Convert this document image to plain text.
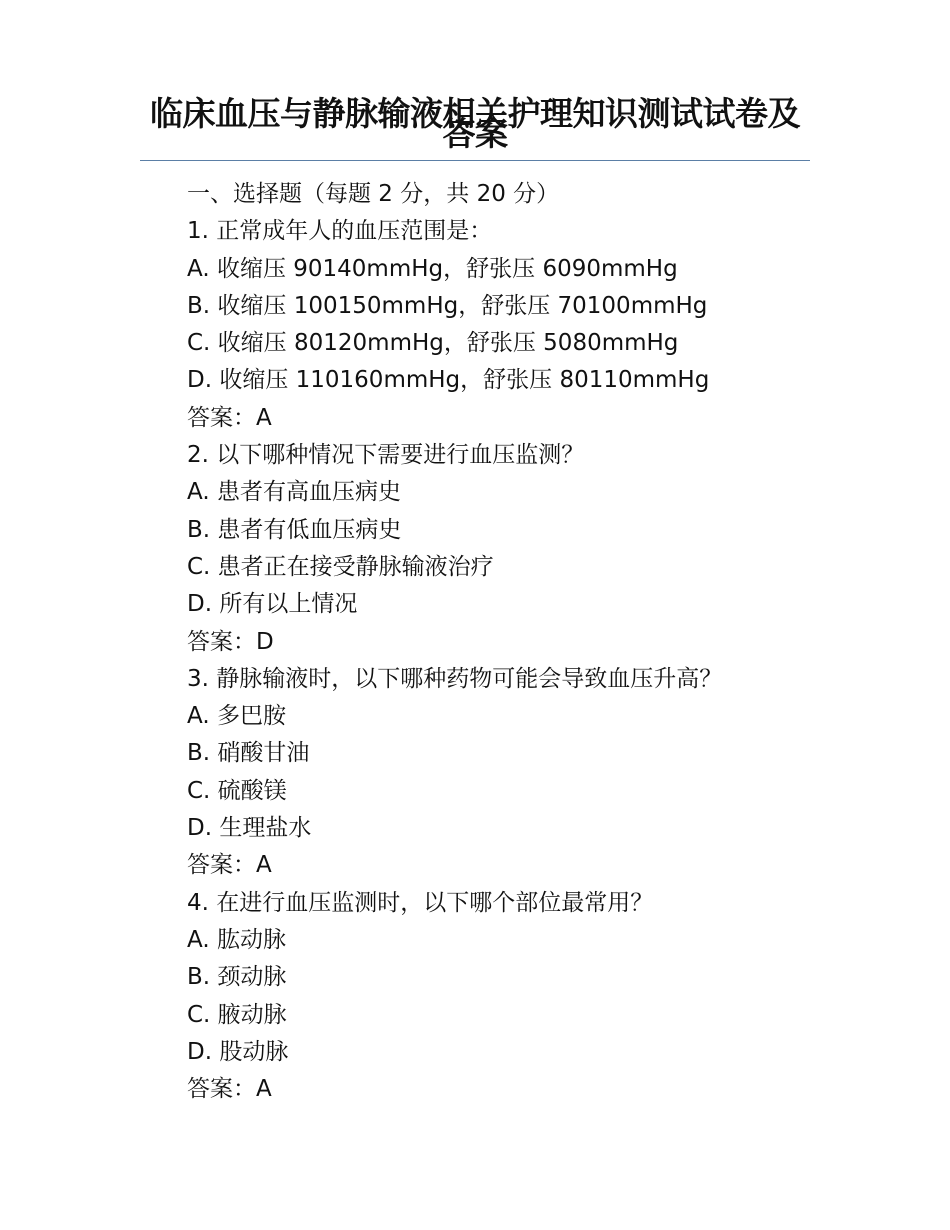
临床血压与静脉输液相关护理知识测试试卷及答案
一、选择题（每题 2 分，共 20 分）
1. 正常成年人的血压范围是：
A. 收缩压 90140mmHg，舒张压 6090mmHg
B. 收缩压 100150mmHg，舒张压 70100mmHg
C. 收缩压 80120mmHg，舒张压 5080mmHg
D. 收缩压 110160mmHg，舒张压 80110mmHg
答案：A
2. 以下哪种情况下需要进行血压监测？
A. 患者有高血压病史
B. 患者有低血压病史
C. 患者正在接受静脉输液治疗
D. 所有以上情况
答案：D
3. 静脉输液时，以下哪种药物可能会导致血压升高？
A. 多巴胺
B. 硝酸甘油
C. 硫酸镁
D. 生理盐水
答案：A
4. 在进行血压监测时，以下哪个部位最常用？
A. 肱动脉
B. 颈动脉
C. 腋动脉
D. 股动脉
答案：A
